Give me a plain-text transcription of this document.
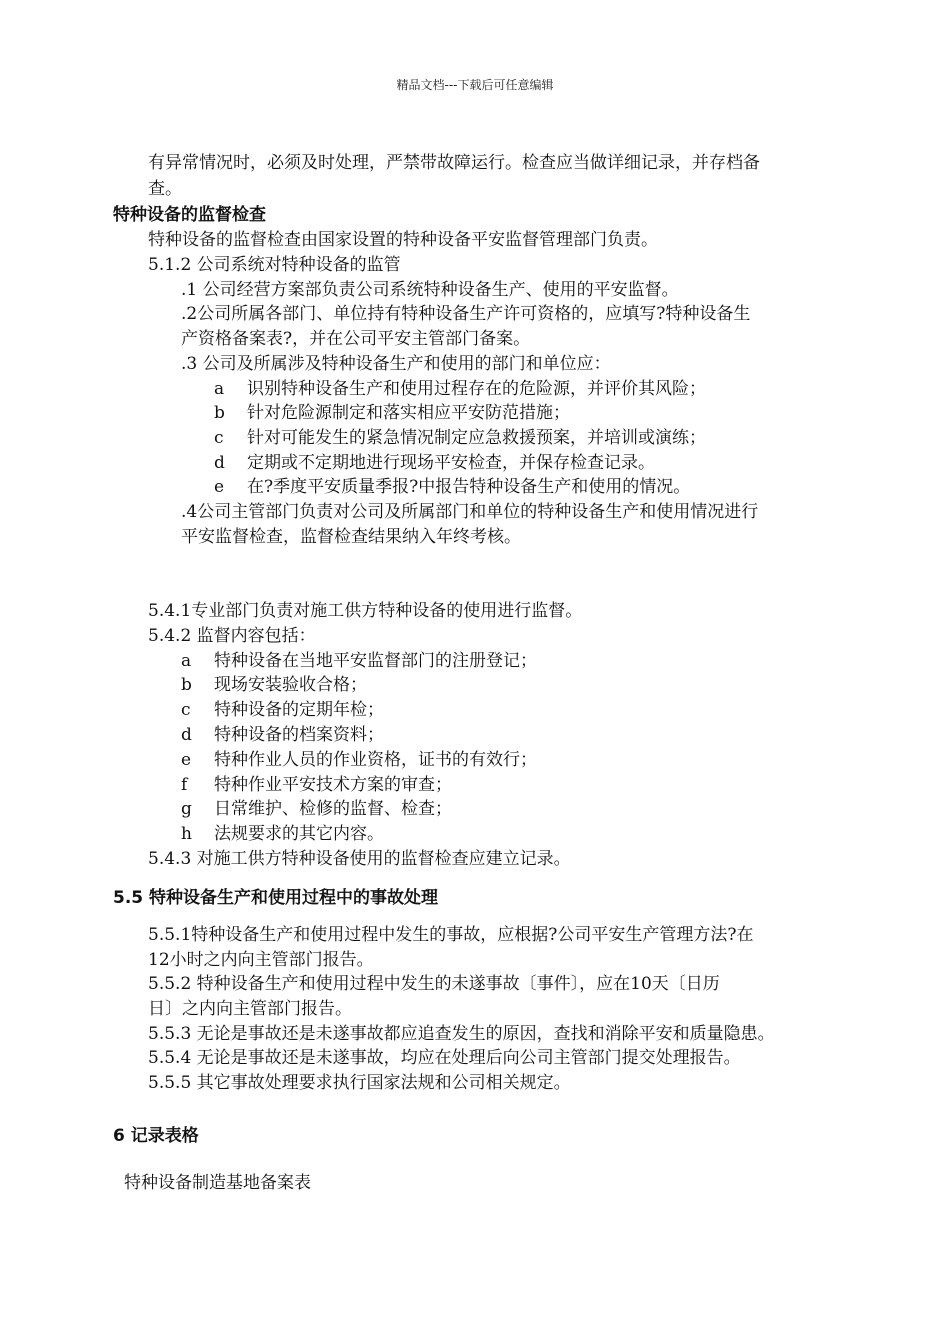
精品文档---下载后可任意编辑
有异常情况时，必须及时处理，严禁带故障运行。检查应当做详细记录，并存档备
查。
特种设备的监督检查
特种设备的监督检查由国家设置的特种设备平安监督管理部门负责。
5.1.2 公司系统对特种设备的监管
.1 公司经营方案部负责公司系统特种设备生产、使用的平安监督。
.2公司所属各部门、单位持有特种设备生产许可资格的，应填写?特种设备生
产资格备案表?，并在公司平安主管部门备案。
.3 公司及所属涉及特种设备生产和使用的部门和单位应：
a 识别特种设备生产和使用过程存在的危险源，并评价其风险；
b 针对危险源制定和落实相应平安防范措施；
c 针对可能发生的紧急情况制定应急救援预案，并培训或演练；
d 定期或不定期地进行现场平安检查，并保存检查记录。
e 在?季度平安质量季报?中报告特种设备生产和使用的情况。
.4公司主管部门负责对公司及所属部门和单位的特种设备生产和使用情况进行
平安监督检查，监督检查结果纳入年终考核。
5.4.1专业部门负责对施工供方特种设备的使用进行监督。
5.4.2 监督内容包括：
a 特种设备在当地平安监督部门的注册登记；
b 现场安装验收合格；
c 特种设备的定期年检；
d 特种设备的档案资料；
e 特种作业人员的作业资格，证书的有效行；
f 特种作业平安技术方案的审查；
g 日常维护、检修的监督、检查；
h 法规要求的其它内容。
5.4.3 对施工供方特种设备使用的监督检查应建立记录。
5.5 特种设备生产和使用过程中的事故处理
5.5.1特种设备生产和使用过程中发生的事故，应根据?公司平安生产管理方法?在
12小时之内向主管部门报告。
5.5.2 特种设备生产和使用过程中发生的未遂事故〔事件〕，应在10天〔日历
日〕之内向主管部门报告。
5.5.3 无论是事故还是未遂事故都应追查发生的原因，查找和消除平安和质量隐患。
5.5.4 无论是事故还是未遂事故，均应在处理后向公司主管部门提交处理报告。
5.5.5 其它事故处理要求执行国家法规和公司相关规定。
6 记录表格
特种设备制造基地备案表
